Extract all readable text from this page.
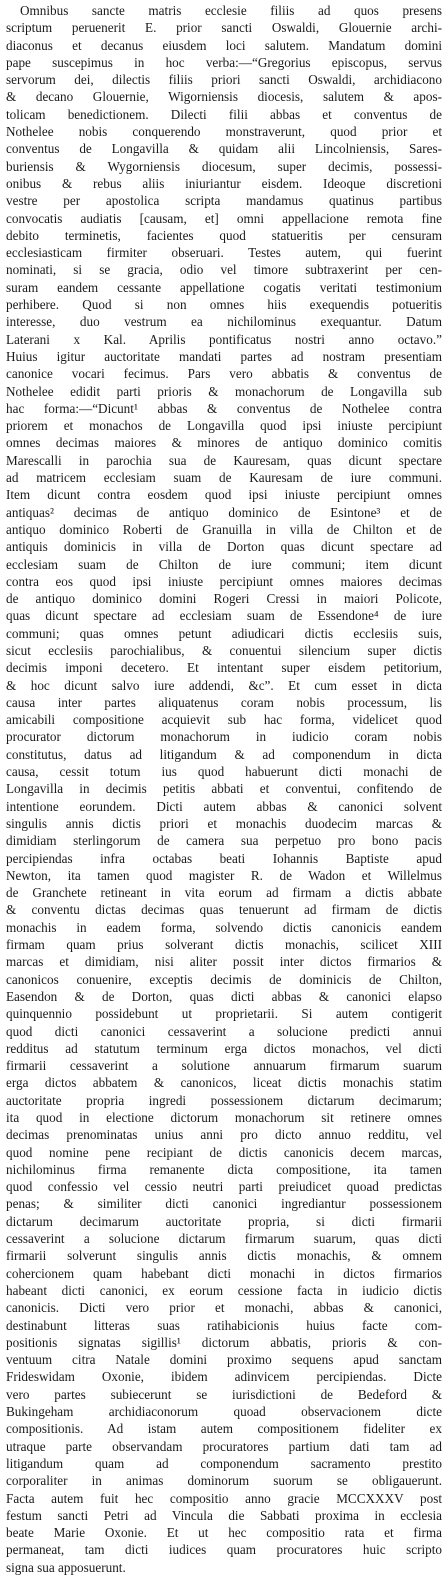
Omnibus sancte matris ecclesie filiis ad quos presens
scriptum peruenerit E. prior sancti Oswaldi, Glouernie archi-
diaconus et decanus eiusdem loci salutem. Mandatum domini
pape suscepimus in hoc verba:—“Gregorius episcopus, servus
servorum dei, dilectis filiis priori sancti Oswaldi, archidiacono
& decano Glouernie, Wigorniensis diocesis, salutem & apos-
tolicam benedictionem. Dilecti filii abbas et conventus de
Nothelee nobis conquerendo monstraverunt, quod prior et
conventus de Longavilla & quidam alii Lincolniensis, Sares-
buriensis & Wygorniensis diocesum, super decimis, possessi-
onibus & rebus aliis iniuriantur eisdem. Ideoque discretioni
vestre per apostolica scripta mandamus quatinus partibus
convocatis audiatis [causam, et] omni appellacione remota fine
debito terminetis, facientes quod statueritis per censuram
ecclesiasticam firmiter obseruari. Testes autem, qui fuerint
nominati, si se gracia, odio vel timore subtraxerint per cen-
suram eandem cessante appellatione cogatis veritati testimonium
perhibere. Quod si non omnes hiis exequendis potueritis
interesse, duo vestrum ea nichilominus exequantur. Datum
Laterani x Kal. Aprilis pontificatus nostri anno octavo.”
Huius igitur auctoritate mandati partes ad nostram presentiam
canonice vocari fecimus. Pars vero abbatis & conventus de
Nothelee edidit parti prioris & monachorum de Longavilla sub
hac forma:—“Dicunt¹ abbas & conventus de Nothelee contra
priorem et monachos de Longavilla quod ipsi iniuste percipiunt
omnes decimas maiores & minores de antiquo dominico comitis
Marescalli in parochia sua de Kauresam, quas dicunt spectare
ad matricem ecclesiam suam de Kauresam de iure communi.
Item dicunt contra eosdem quod ipsi iniuste percipiunt omnes
antiquas² decimas de antiquo dominico de Esintone³ et de
antiquo dominico Roberti de Granuilla in villa de Chilton et de
antiquis dominicis in villa de Dorton quas dicunt spectare ad
ecclesiam suam de Chilton de iure communi; item dicunt
contra eos quod ipsi iniuste percipiunt omnes maiores decimas
de antiquo dominico domini Rogeri Cressi in maiori Policote,
quas dicunt spectare ad ecclesiam suam de Essendone⁴ de iure
communi; quas omnes petunt adiudicari dictis ecclesiis suis,
sicut ecclesiis parochialibus, & conuentui silencium super dictis
decimis imponi decetero. Et intentant super eisdem petitorium,
& hoc dicunt salvo iure addendi, &c”. Et cum esset in dicta
causa inter partes aliquatenus coram nobis processum, lis
amicabili compositione acquievit sub hac forma, videlicet quod
procurator dictorum monachorum in iudicio coram nobis
constitutus, datus ad litigandum & ad componendum in dicta
causa, cessit totum ius quod habuerunt dicti monachi de
Longavilla in decimis petitis abbati et conventui, confitendo de
intentione eorundem. Dicti autem abbas & canonici solvent
singulis annis dictis priori et monachis duodecim marcas &
dimidiam sterlingorum de camera sua perpetuo pro bono pacis
percipiendas infra octabas beati Iohannis Baptiste apud
Newton, ita tamen quod magister R. de Wadon et Willelmus
de Granchete retineant in vita eorum ad firmam a dictis abbate
& conventu dictas decimas quas tenuerunt ad firmam de dictis
monachis in eadem forma, solvendo dictis canonicis eandem
firmam quam prius solverant dictis monachis, scilicet XIII
marcas et dimidiam, nisi aliter possit inter dictos firmarios &
canonicos conuenire, exceptis decimis de dominicis de Chilton,
Easendon & de Dorton, quas dicti abbas & canonici elapso
quinquennio possidebunt ut proprietarii. Si autem contigerit
quod dicti canonici cessaverint a solucione predicti annui
redditus ad statutum terminum erga dictos monachos, vel dicti
firmarii cessaverint a solutione annuarum firmarum suarum
erga dictos abbatem & canonicos, liceat dictis monachis statim
auctoritate propria ingredi possessionem dictarum decimarum;
ita quod in electione dictorum monachorum sit retinere omnes
decimas prenominatas unius anni pro dicto annuo redditu, vel
quod nomine pene recipiant de dictis canonicis decem marcas,
nichilominus firma remanente dicta compositione, ita tamen
quod confessio vel cessio neutri parti preiudicet quoad predictas
penas; & similiter dicti canonici ingrediantur possessionem
dictarum decimarum auctoritate propria, si dicti firmarii
cessaverint a solucione dictarum firmarum suarum, quas dicti
firmarii solverunt singulis annis dictis monachis, & omnem
cohercionem quam habebant dicti monachi in dictos firmarios
habeant dicti canonici, ex eorum cessione facta in iudicio dictis
canonicis. Dicti vero prior et monachi, abbas & canonici,
destinabunt litteras suas ratihabicionis huius facte com-
positionis signatas sigillis¹ dictorum abbatis, prioris & con-
ventuum citra Natale domini proximo sequens apud sanctam
Frideswidam Oxonie, ibidem adinvicem percipiendas. Dicte
vero partes subiecerunt se iurisdictioni de Bedeford &
Bukingeham archidiaconorum quoad observacionem dicte
compositionis. Ad istam autem compositionem fideliter ex
utraque parte observandam procuratores partium dati tam ad
litigandum quam ad componendum sacramento prestito
corporaliter in animas dominorum suorum se obligauerunt.
Facta autem fuit hec compositio anno gracie MCCXXXV post
festum sancti Petri ad Vincula die Sabbati proxima in ecclesia
beate Marie Oxonie. Et ut hec compositio rata et firma
permaneat, tam dicti iudices quam procuratores huic scripto
signa sua apposuerunt.
